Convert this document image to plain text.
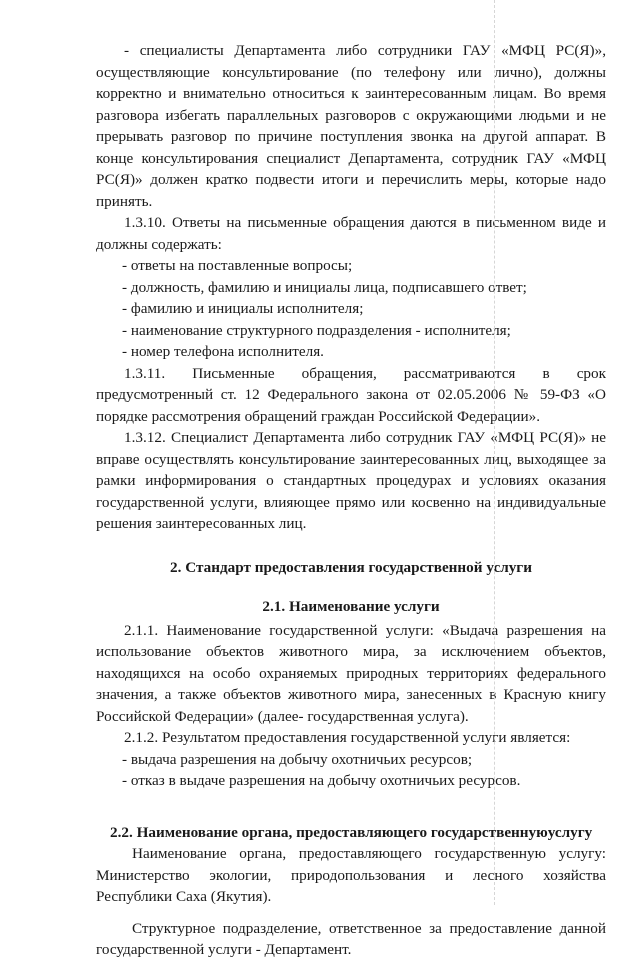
- специалисты Департамента либо сотрудники ГАУ «МФЦ РС(Я)», осуществляющие консультирование (по телефону или лично), должны корректно и внимательно относиться к заинтересованным лицам. Во время разговора избегать параллельных разговоров с окружающими людьми и не прерывать разговор по причине поступления звонка на другой аппарат. В конце консультирования специалист Департамента, сотрудник ГАУ «МФЦ РС(Я)» должен кратко подвести итоги и перечислить меры, которые надо принять.

1.3.10. Ответы на письменные обращения даются в письменном виде и должны содержать:

- ответы на поставленные вопросы;

- должность, фамилию и инициалы лица, подписавшего ответ;

- фамилию и инициалы исполнителя;

- наименование структурного подразделения - исполнителя;

- номер телефона исполнителя.

1.3.11. Письменные обращения, рассматриваются в срок предусмотренный ст. 12 Федерального закона от 02.05.2006 № 59-ФЗ «О порядке рассмотрения обращений граждан Российской Федерации».

1.3.12. Специалист Департамента либо сотрудник ГАУ «МФЦ РС(Я)» не вправе осуществлять консультирование заинтересованных лиц, выходящее за рамки информирования о стандартных процедурах и условиях оказания государственной услуги, влияющее прямо или косвенно на индивидуальные решения заинтересованных лиц.

2. Стандарт предоставления государственной услуги

2.1. Наименование услуги

2.1.1. Наименование государственной услуги: «Выдача разрешения на использование объектов животного мира, за исключением объектов, находящихся на особо охраняемых природных территориях федерального значения, а также объектов животного мира, занесенных в Красную книгу Российской Федерации» (далее- государственная услуга).

2.1.2. Результатом предоставления государственной услуги является:

- выдача разрешения на добычу охотничьих ресурсов;

- отказ в выдаче разрешения на добычу охотничьих ресурсов.

2.2. Наименование органа, предоставляющего государственнуюуслугу

Наименование органа, предоставляющего государственную услугу: Министерство экологии, природопользования и лесного хозяйства Республики Саха (Якутия).

Структурное подразделение, ответственное за предоставление данной государственной услуги - Департамент.
